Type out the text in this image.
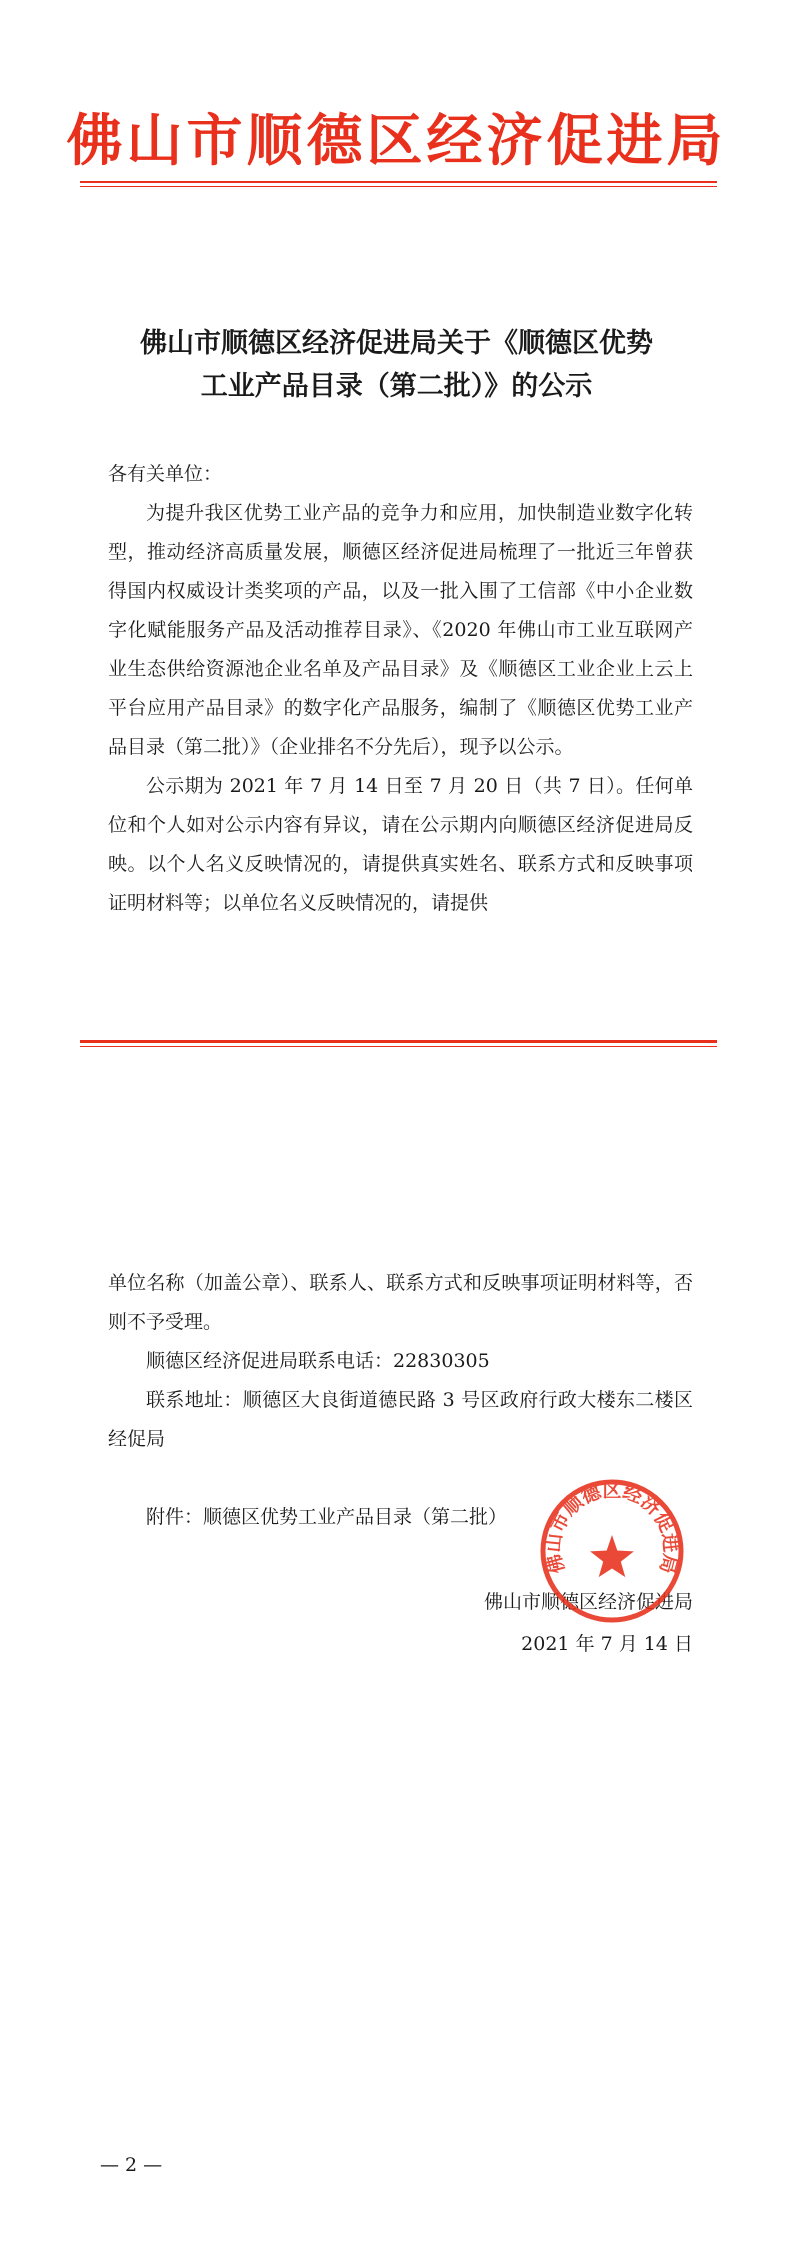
佛山市顺德区经济促进局
佛山市顺德区经济促进局关于《顺德区优势
工业产品目录（第二批）》的公示

各有关单位：

为提升我区优势工业产品的竞争力和应用，加快制造业数字化转型，推动经济高质量发展，顺德区经济促进局梳理了一批近三年曾获得国内权威设计类奖项的产品，以及一批入围了工信部《中小企业数字化赋能服务产品及活动推荐目录》、《2020 年佛山市工业互联网产业生态供给资源池企业名单及产品目录》及《顺德区工业企业上云上平台应用产品目录》的数字化产品服务，编制了《顺德区优势工业产品目录（第二批）》（企业排名不分先后），现予以公示。

公示期为 2021 年 7 月 14 日至 7 月 20 日（共 7 日）。任何单位和个人如对公示内容有异议，请在公示期内向顺德区经济促进局反映。以个人名义反映情况的，请提供真实姓名、联系方式和反映事项证明材料等；以单位名义反映情况的，请提供

单位名称（加盖公章）、联系人、联系方式和反映事项证明材料等，否则不予受理。

顺德区经济促进局联系电话：22830305

联系地址：顺德区大良街道德民路 3 号区政府行政大楼东二楼区经促局

附件：顺德区优势工业产品目录（第二批）

佛山市顺德区经济促进局
2021 年 7 月 14 日
佛山市顺德区经济促进局
— 2 —
